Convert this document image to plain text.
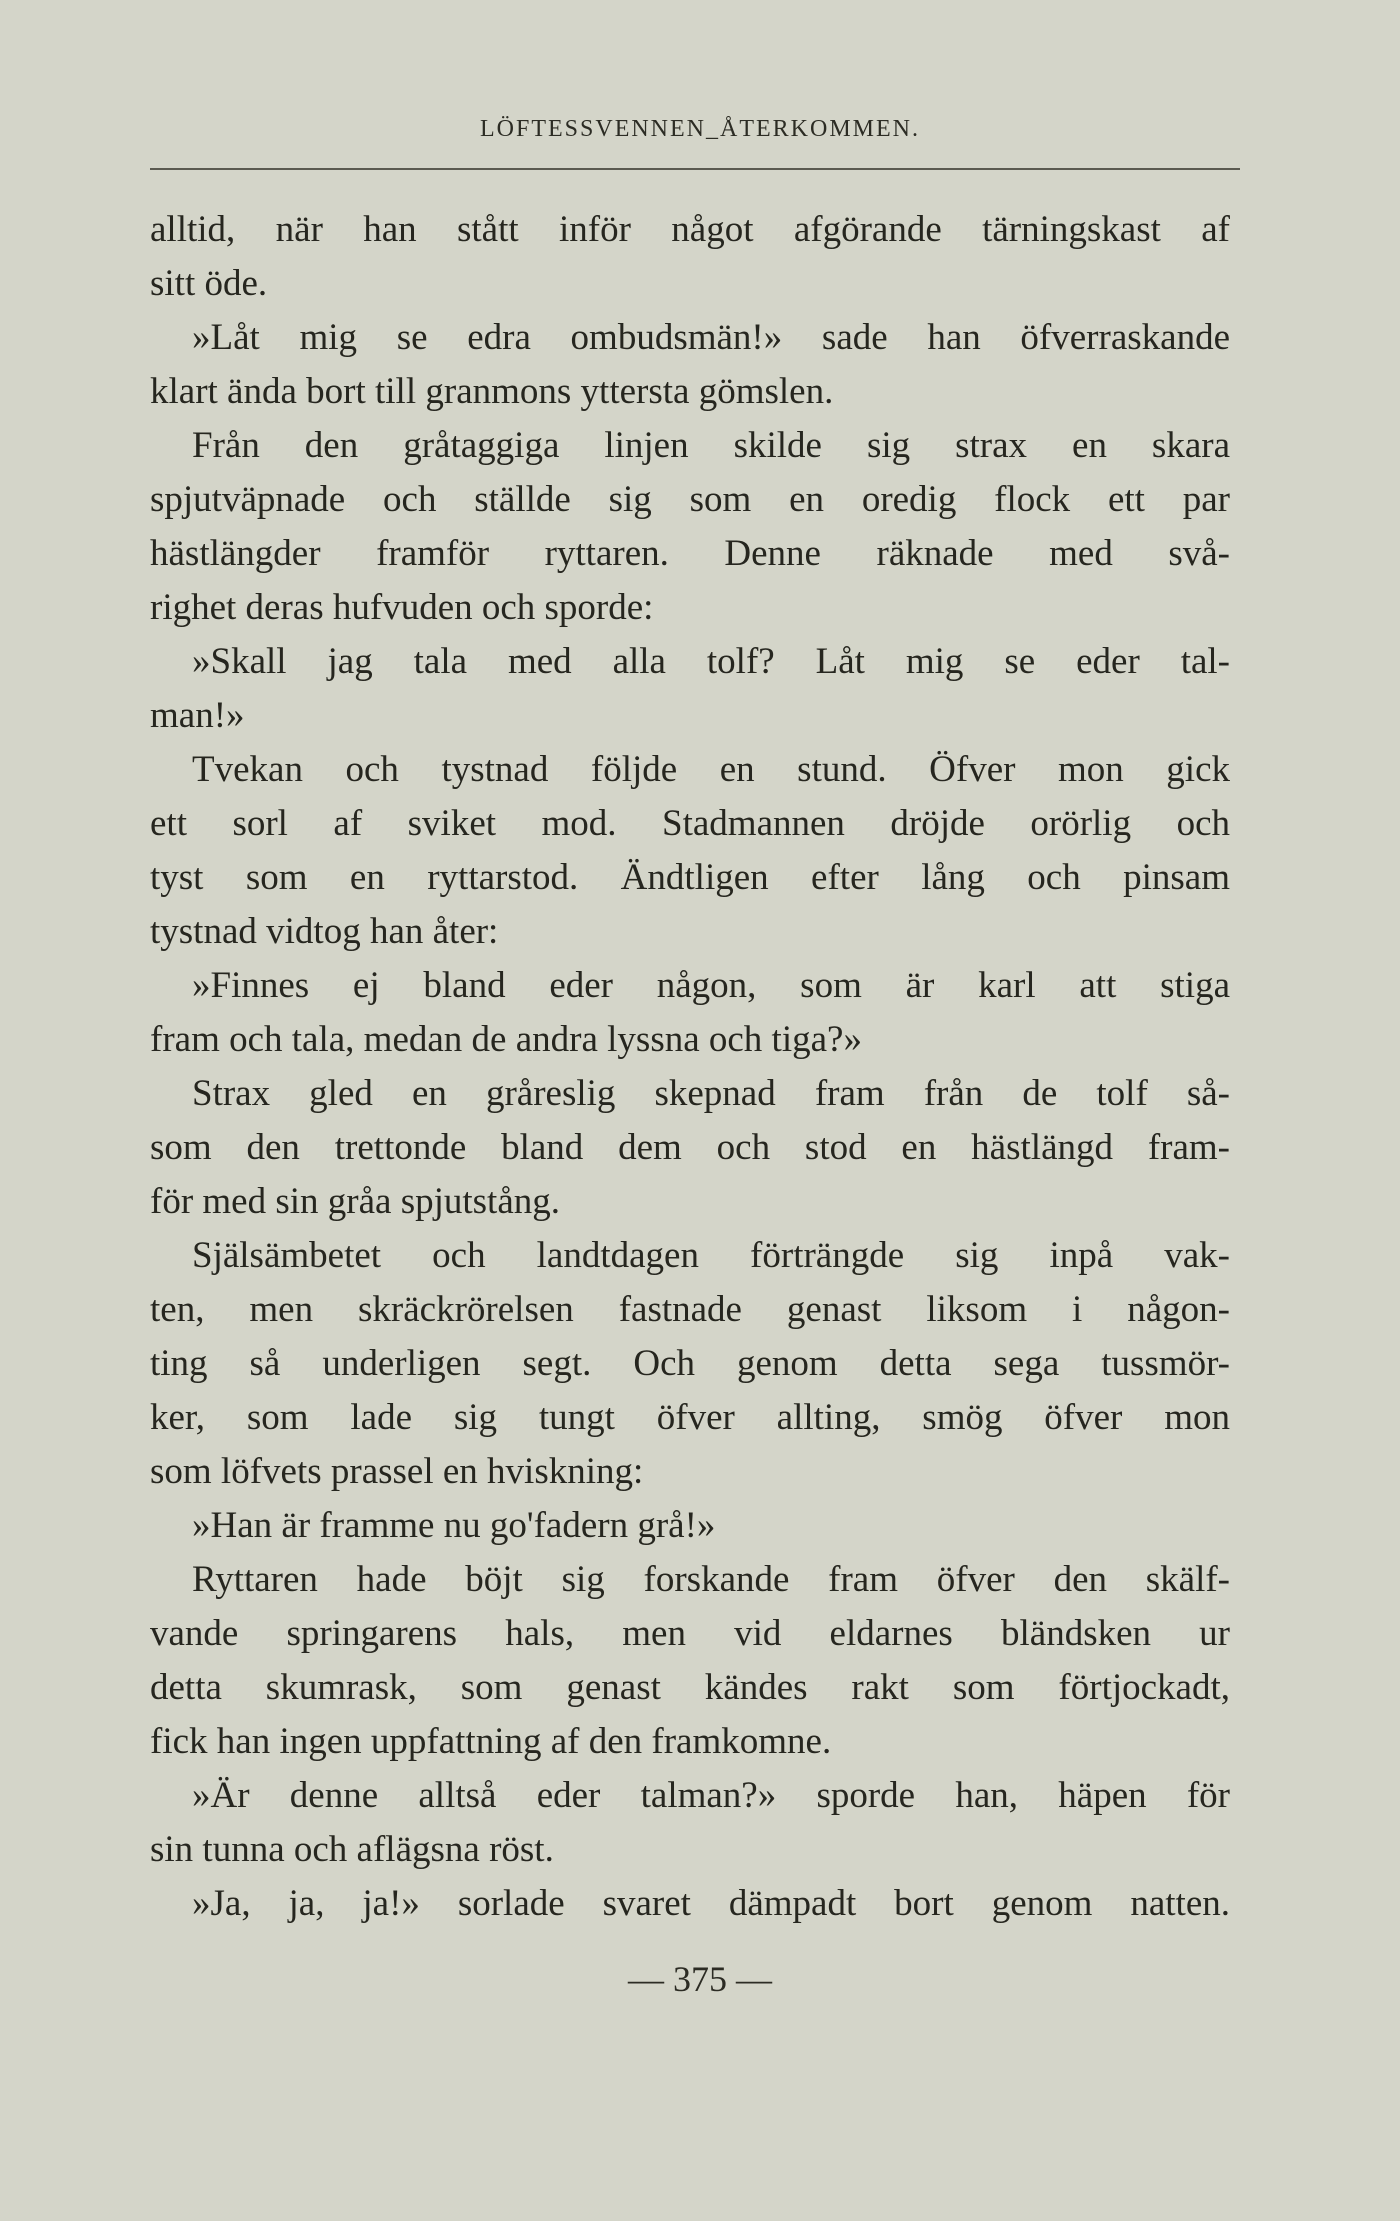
LÖFTESSVENNEN_ÅTERKOMMEN.
alltid, när han stått inför något afgörande tärningskast af
sitt öde.
»Låt mig se edra ombudsmän!» sade han öfverraskande
klart ända bort till granmons yttersta gömslen.
Från den gråtaggiga linjen skilde sig strax en skara
spjutväpnade och ställde sig som en oredig flock ett par
hästlängder framför ryttaren. Denne räknade med svå-
righet deras hufvuden och sporde:
»Skall jag tala med alla tolf? Låt mig se eder tal-
man!»
Tvekan och tystnad följde en stund. Öfver mon gick
ett sorl af sviket mod. Stadmannen dröjde orörlig och
tyst som en ryttarstod. Ändtligen efter lång och pinsam
tystnad vidtog han åter:
»Finnes ej bland eder någon, som är karl att stiga
fram och tala, medan de andra lyssna och tiga?»
Strax gled en gråreslig skepnad fram från de tolf så-
som den trettonde bland dem och stod en hästlängd fram-
för med sin gråa spjutstång.
Själsämbetet och landtdagen förträngde sig inpå vak-
ten, men skräckrörelsen fastnade genast liksom i någon-
ting så underligen segt. Och genom detta sega tussmör-
ker, som lade sig tungt öfver allting, smög öfver mon
som löfvets prassel en hviskning:
»Han är framme nu go'fadern grå!»
Ryttaren hade böjt sig forskande fram öfver den skälf-
vande springarens hals, men vid eldarnes bländsken ur
detta skumrask, som genast kändes rakt som förtjockadt,
fick han ingen uppfattning af den framkomne.
»Är denne alltså eder talman?» sporde han, häpen för
sin tunna och aflägsna röst.
»Ja, ja, ja!» sorlade svaret dämpadt bort genom natten.
— 375 —
